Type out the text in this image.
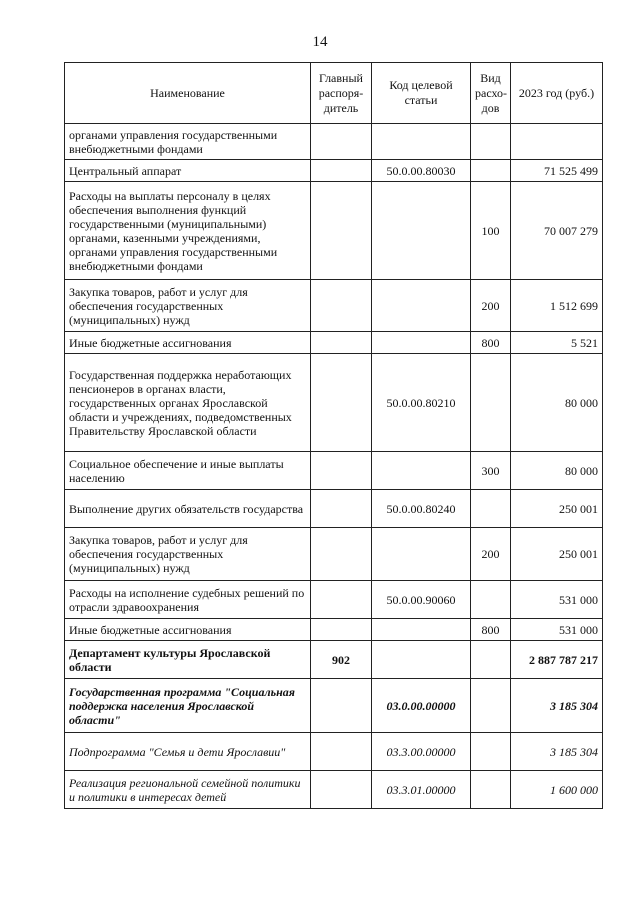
14
Наименование	Главный распоря-дитель	Код целевой статьи	Вид расхо-дов	2023 год (руб.)
органами управления государственными внебюджетными фондами				
Центральный аппарат		50.0.00.80030		71 525 499
Расходы на выплаты персоналу в целях обеспечения выполнения функций государственными (муниципальными) органами, казенными учреждениями, органами управления государственными внебюджетными фондами			100	70 007 279
Закупка товаров, работ и услуг для обеспечения государственных (муниципальных) нужд			200	1 512 699
Иные бюджетные ассигнования			800	5 521
Государственная поддержка неработающих пенсионеров в органах власти, государственных органах Ярославской области и учреждениях, подведомственных Правительству Ярославской области		50.0.00.80210		80 000
Социальное обеспечение и иные выплаты населению			300	80 000
Выполнение других обязательств государства		50.0.00.80240		250 001
Закупка товаров, работ и услуг для обеспечения государственных (муниципальных) нужд			200	250 001
Расходы на исполнение судебных решений по отрасли здравоохранения		50.0.00.90060		531 000
Иные бюджетные ассигнования			800	531 000
Департамент культуры Ярославской области	902			2 887 787 217
Государственная программа "Социальная поддержка населения Ярославской области"		03.0.00.00000		3 185 304
Подпрограмма "Семья и дети Ярославии"		03.3.00.00000		3 185 304
Реализация региональной семейной политики и политики в интересах детей		03.3.01.00000		1 600 000
